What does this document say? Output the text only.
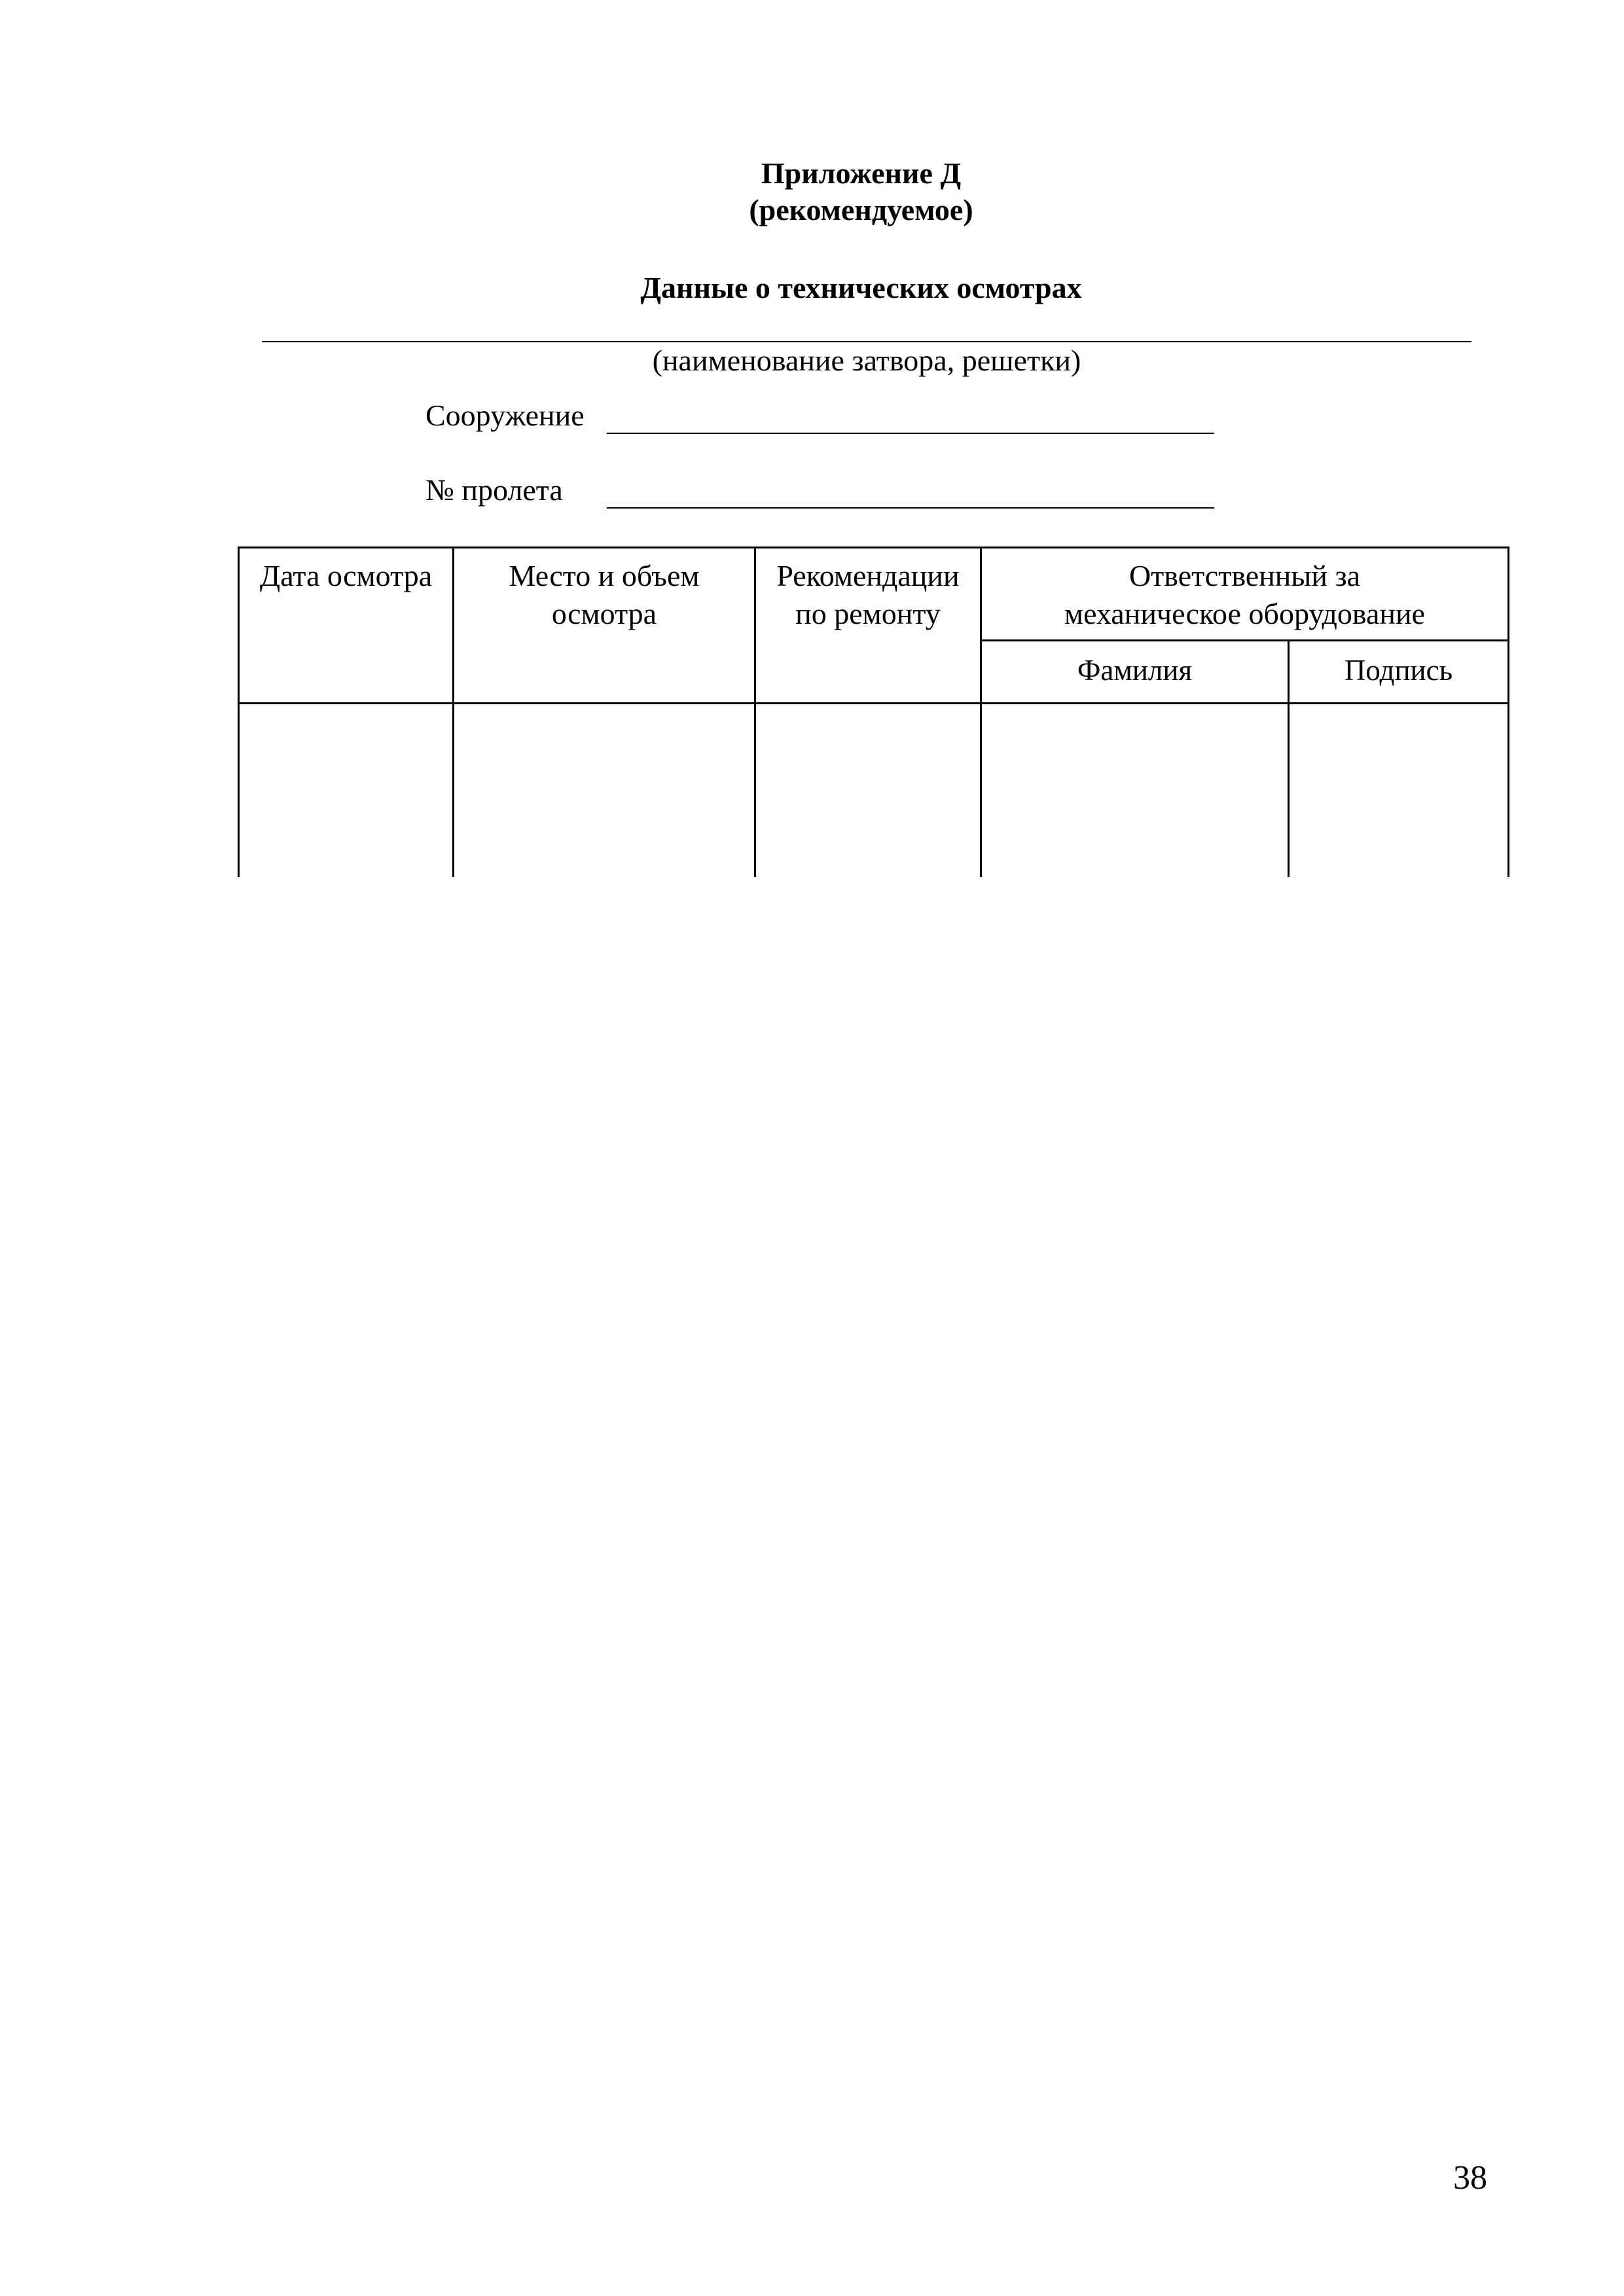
Приложение Д
(рекомендуемое)
Данные о технических осмотрах
(наименование затвора, решетки)
Сооружение
№ пролета
Дата осмотра	Место и объем
осмотра
Рекомендации
по ремонту
Ответственный за
механическое оборудование
Фамилия	Подпись
38
